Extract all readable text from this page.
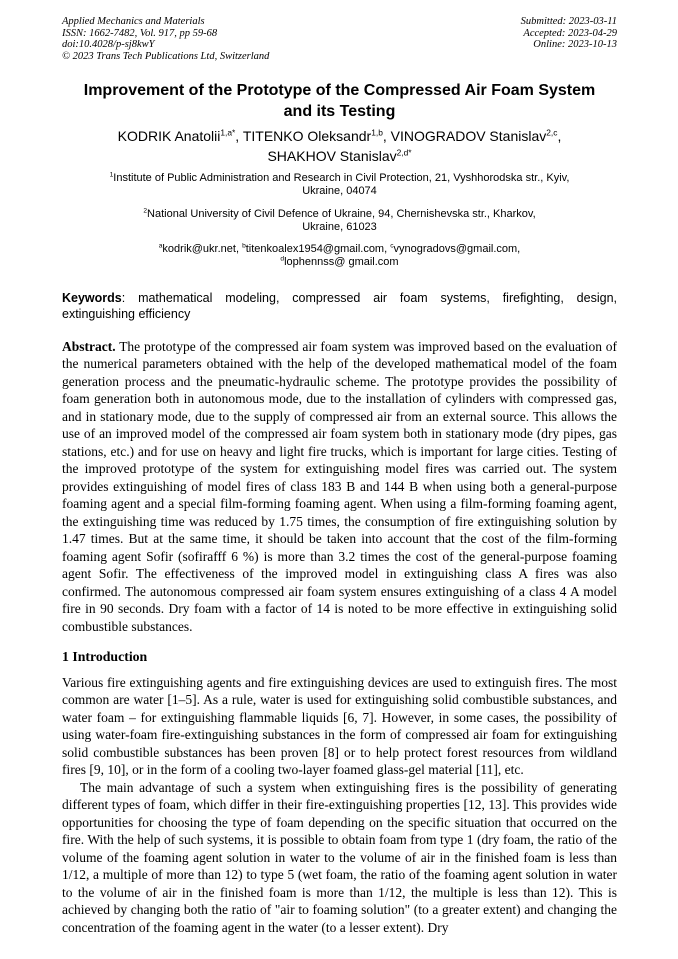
Applied Mechanics and Materials
ISSN: 1662-7482, Vol. 917, pp 59-68
doi:10.4028/p-sj8kwY
© 2023 Trans Tech Publications Ltd, Switzerland
Submitted: 2023-03-11
Accepted: 2023-04-29
Online: 2023-10-13
Improvement of the Prototype of the Compressed Air Foam System
and its Testing
KODRIK Anatolii$^{1,a*}$, TITENKO Oleksandr$^{1,b}$, VINOGRADOV Stanislav$^{2,c}$,
SHAKHOV Stanislav$^{2,d*}$
$^1$Institute of Public Administration and Research in Civil Protection, 21, Vyshhorodska str., Kyiv,
Ukraine, 04074
$^2$National University of Civil Defence of Ukraine, 94, Chernishevska str., Kharkov,
Ukraine, 61023
$^a$kodrik@ukr.net, $^b$titenkoalex1954@gmail.com, $^c$vynogradovs@gmail.com,
$^d$lophennss@ gmail.com

Keywords: mathematical modeling, compressed air foam systems, firefighting, design, extinguishing efficiency

Abstract. The prototype of the compressed air foam system was improved based on the evaluation of the numerical parameters obtained with the help of the developed mathematical model of the foam generation process and the pneumatic-hydraulic scheme. The prototype provides the possibility of foam generation both in autonomous mode, due to the installation of cylinders with compressed gas, and in stationary mode, due to the supply of compressed air from an external source. This allows the use of an improved model of the compressed air foam system both in stationary mode (dry pipes, gas stations, etc.) and for use on heavy and light fire trucks, which is important for large cities. Testing of the improved prototype of the system for extinguishing model fires was carried out. The system provides extinguishing of model fires of class 183 B and 144 B when using both a general-purpose foaming agent and a special film-forming foaming agent. When using a film-forming foaming agent, the extinguishing time was reduced by 1.75 times, the consumption of fire extinguishing solution by 1.47 times. But at the same time, it should be taken into account that the cost of the film-forming foaming agent Sofir (sofirafff 6 %) is more than 3.2 times the cost of the general-purpose foaming agent Sofir. The effectiveness of the improved model in extinguishing class A fires was also confirmed. The autonomous compressed air foam system ensures extinguishing of a class 4 A model fire in 90 seconds. Dry foam with a factor of 14 is noted to be more effective in extinguishing solid combustible substances.

1 Introduction

Various fire extinguishing agents and fire extinguishing devices are used to extinguish fires. The most common are water [1–5]. As a rule, water is used for extinguishing solid combustible substances, and water foam – for extinguishing flammable liquids [6, 7]. However, in some cases, the possibility of using water-foam fire-extinguishing substances in the form of compressed air foam for extinguishing solid combustible substances has been proven [8] or to help protect forest resources from wildland fires [9, 10], or in the form of a cooling two-layer foamed glass-gel material [11], etc.

The main advantage of such a system when extinguishing fires is the possibility of generating different types of foam, which differ in their fire-extinguishing properties [12, 13]. This provides wide opportunities for choosing the type of foam depending on the specific situation that occurred on the fire. With the help of such systems, it is possible to obtain foam from type 1 (dry foam, the ratio of the volume of the foaming agent solution in water to the volume of air in the finished foam is less than 1/12, a multiple of more than 12) to type 5 (wet foam, the ratio of the foaming agent solution in water to the volume of air in the finished foam is more than 1/12, the multiple is less than 12). This is achieved by changing both the ratio of "air to foaming solution" (to a greater extent) and changing the concentration of the foaming agent in the water (to a lesser extent). Dry
